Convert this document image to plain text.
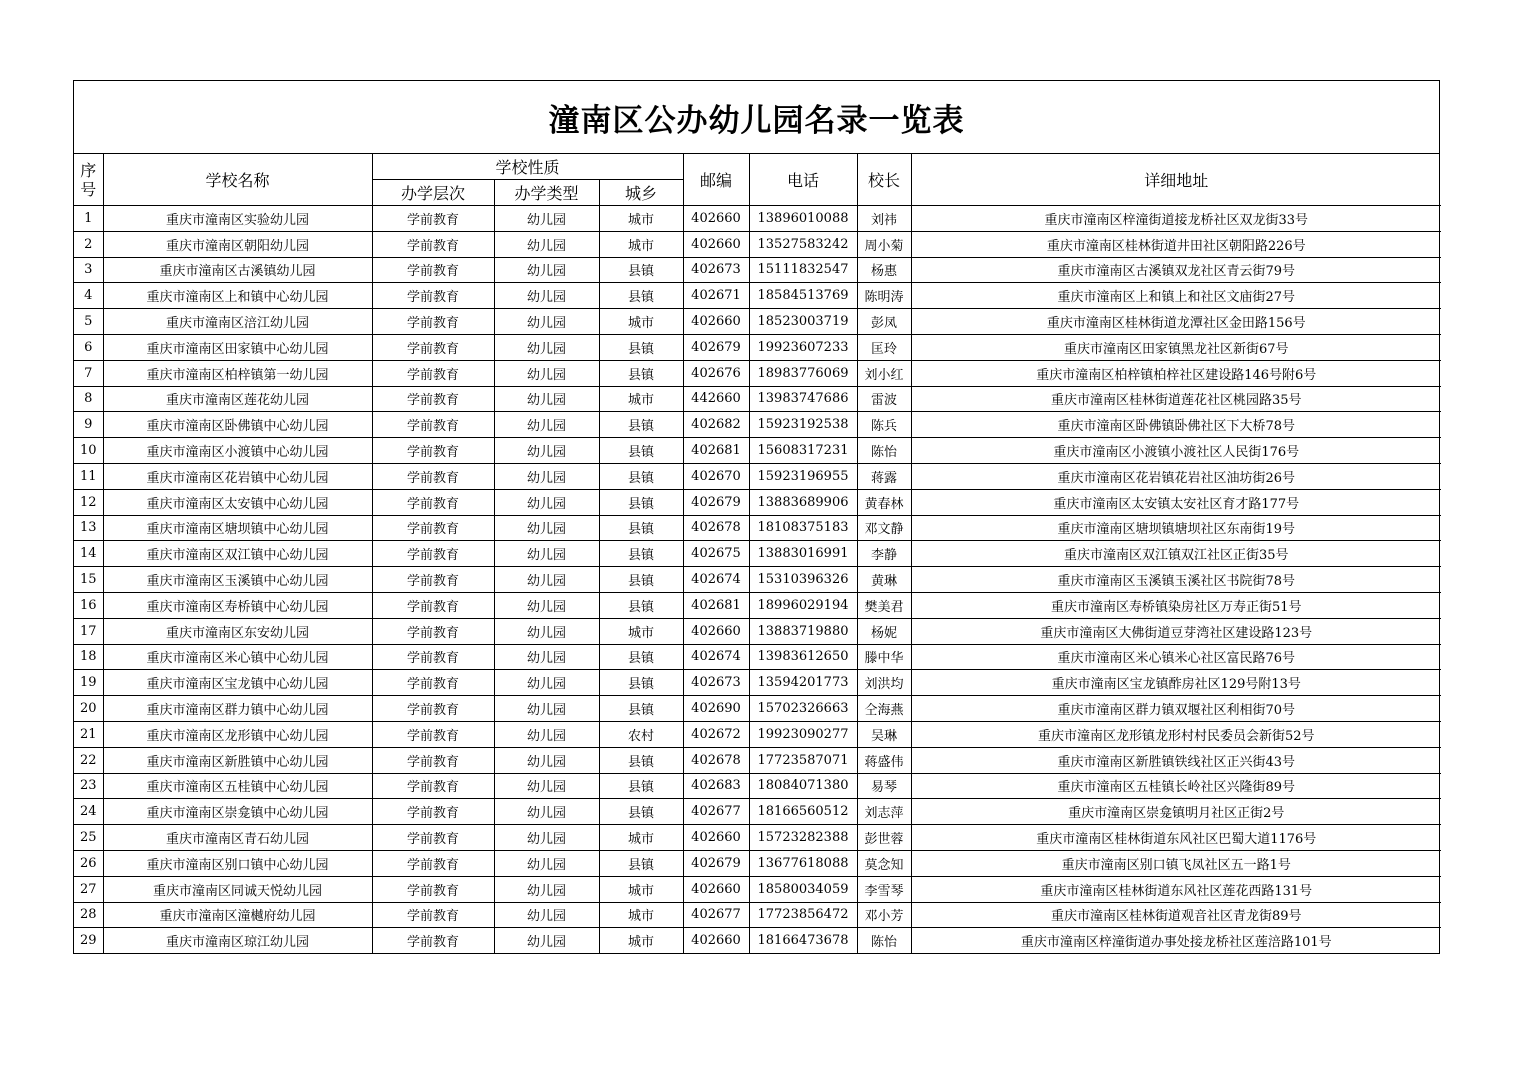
潼南区公办幼儿园名录一览表
序号	学校名称	学校性质			邮编	电话	校长	详细地址
		办学层次	办学类型	城乡				
1	重庆市潼南区实验幼儿园	学前教育	幼儿园	城市	402660	13896010088	刘祎	重庆市潼南区梓潼街道接龙桥社区双龙街33号
2	重庆市潼南区朝阳幼儿园	学前教育	幼儿园	城市	402660	13527583242	周小菊	重庆市潼南区桂林街道井田社区朝阳路226号
3	重庆市潼南区古溪镇幼儿园	学前教育	幼儿园	县镇	402673	15111832547	杨惠	重庆市潼南区古溪镇双龙社区青云街79号
4	重庆市潼南区上和镇中心幼儿园	学前教育	幼儿园	县镇	402671	18584513769	陈明涛	重庆市潼南区上和镇上和社区文庙街27号
5	重庆市潼南区涪江幼儿园	学前教育	幼儿园	城市	402660	18523003719	彭凤	重庆市潼南区桂林街道龙潭社区金田路156号
6	重庆市潼南区田家镇中心幼儿园	学前教育	幼儿园	县镇	402679	19923607233	匡玲	重庆市潼南区田家镇黑龙社区新街67号
7	重庆市潼南区柏梓镇第一幼儿园	学前教育	幼儿园	县镇	402676	18983776069	刘小红	重庆市潼南区柏梓镇柏梓社区建设路146号附6号
8	重庆市潼南区莲花幼儿园	学前教育	幼儿园	城市	442660	13983747686	雷波	重庆市潼南区桂林街道莲花社区桃园路35号
9	重庆市潼南区卧佛镇中心幼儿园	学前教育	幼儿园	县镇	402682	15923192538	陈兵	重庆市潼南区卧佛镇卧佛社区下大桥78号
10	重庆市潼南区小渡镇中心幼儿园	学前教育	幼儿园	县镇	402681	15608317231	陈怡	重庆市潼南区小渡镇小渡社区人民街176号
11	重庆市潼南区花岩镇中心幼儿园	学前教育	幼儿园	县镇	402670	15923196955	蒋露	重庆市潼南区花岩镇花岩社区油坊街26号
12	重庆市潼南区太安镇中心幼儿园	学前教育	幼儿园	县镇	402679	13883689906	黄春林	重庆市潼南区太安镇太安社区育才路177号
13	重庆市潼南区塘坝镇中心幼儿园	学前教育	幼儿园	县镇	402678	18108375183	邓文静	重庆市潼南区塘坝镇塘坝社区东南街19号
14	重庆市潼南区双江镇中心幼儿园	学前教育	幼儿园	县镇	402675	13883016991	李静	重庆市潼南区双江镇双江社区正街35号
15	重庆市潼南区玉溪镇中心幼儿园	学前教育	幼儿园	县镇	402674	15310396326	黄琳	重庆市潼南区玉溪镇玉溪社区书院街78号
16	重庆市潼南区寿桥镇中心幼儿园	学前教育	幼儿园	县镇	402681	18996029194	樊美君	重庆市潼南区寿桥镇染房社区万寿正街51号
17	重庆市潼南区东安幼儿园	学前教育	幼儿园	城市	402660	13883719880	杨妮	重庆市潼南区大佛街道豆芽湾社区建设路123号
18	重庆市潼南区米心镇中心幼儿园	学前教育	幼儿园	县镇	402674	13983612650	滕中华	重庆市潼南区米心镇米心社区富民路76号
19	重庆市潼南区宝龙镇中心幼儿园	学前教育	幼儿园	县镇	402673	13594201773	刘洪均	重庆市潼南区宝龙镇酢房社区129号附13号
20	重庆市潼南区群力镇中心幼儿园	学前教育	幼儿园	县镇	402690	15702326663	仝海燕	重庆市潼南区群力镇双堰社区利相街70号
21	重庆市潼南区龙形镇中心幼儿园	学前教育	幼儿园	农村	402672	19923090277	吴琳	重庆市潼南区龙形镇龙形村村民委员会新街52号
22	重庆市潼南区新胜镇中心幼儿园	学前教育	幼儿园	县镇	402678	17723587071	蒋盛伟	重庆市潼南区新胜镇铁线社区正兴街43号
23	重庆市潼南区五桂镇中心幼儿园	学前教育	幼儿园	县镇	402683	18084071380	易琴	重庆市潼南区五桂镇长岭社区兴隆街89号
24	重庆市潼南区崇龛镇中心幼儿园	学前教育	幼儿园	县镇	402677	18166560512	刘志萍	重庆市潼南区崇龛镇明月社区正街2号
25	重庆市潼南区青石幼儿园	学前教育	幼儿园	城市	402660	15723282388	彭世蓉	重庆市潼南区桂林街道东风社区巴蜀大道1176号
26	重庆市潼南区别口镇中心幼儿园	学前教育	幼儿园	县镇	402679	13677618088	莫念知	重庆市潼南区别口镇飞凤社区五一路1号
27	重庆市潼南区同诚天悦幼儿园	学前教育	幼儿园	城市	402660	18580034059	李雪琴	重庆市潼南区桂林街道东风社区莲花西路131号
28	重庆市潼南区潼樾府幼儿园	学前教育	幼儿园	城市	402677	17723856472	邓小芳	重庆市潼南区桂林街道观音社区青龙街89号
29	重庆市潼南区琼江幼儿园	学前教育	幼儿园	城市	402660	18166473678	陈怡	重庆市潼南区梓潼街道办事处接龙桥社区莲涪路101号
